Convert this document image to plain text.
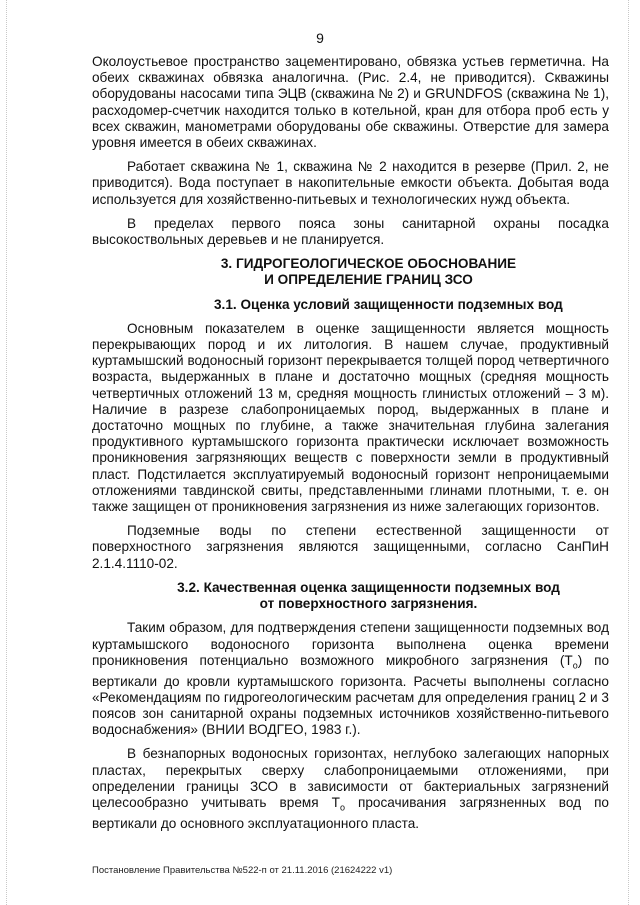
9

Околоустьевое пространство зацементировано, обвязка устьев герметична. На обеих скважинах обвязка аналогична. (Рис. 2.4, не приводится). Скважины оборудованы насосами типа ЭЦВ (скважина № 2) и GRUNDFOS (скважина № 1), расходомер-счетчик находится только в котельной, кран для отбора проб есть у всех скважин, манометрами оборудованы обе скважины. Отверстие для замера уровня имеется в обеих скважинах.

Работает скважина № 1, скважина № 2 находится в резерве (Прил. 2, не приводится). Вода поступает в накопительные емкости объекта. Добытая вода используется для хозяйственно-питьевых и технологических нужд объекта.

В пределах первого пояса зоны санитарной охраны посадка высокоствольных деревьев и не планируется.

3. ГИДРОГЕОЛОГИЧЕСКОЕ ОБОСНОВАНИЕ
И ОПРЕДЕЛЕНИЕ ГРАНИЦ ЗСО
3.1. Оценка условий защищенности подземных вод

Основным показателем в оценке защищенности является мощность перекрывающих пород и их литология. В нашем случае, продуктивный куртамышский водоносный горизонт перекрывается толщей пород четвертичного возраста, выдержанных в плане и достаточно мощных (средняя мощность четвертичных отложений 13 м, средняя мощность глинистых отложений – 3 м). Наличие в разрезе слабопроницаемых пород, выдержанных в плане и достаточно мощных по глубине, а также значительная глубина залегания продуктивного куртамышского горизонта практически исключает возможность проникновения загрязняющих веществ с поверхности земли в продуктивный пласт. Подстилается эксплуатируемый водоносный горизонт непроницаемыми отложениями тавдинской свиты, представленными глинами плотными, т. е. он также защищен от проникновения загрязнения из ниже залегающих горизонтов.

Подземные воды по степени естественной защищенности от поверхностного загрязнения являются защищенными, согласно СанПиН 2.1.4.1110-02.

3.2. Качественная оценка защищенности подземных вод
от поверхностного загрязнения.

Таким образом, для подтверждения степени защищенности подземных вод куртамышского водоносного горизонта выполнена оценка времени проникновения потенциально возможного микробного загрязнения $(Т_о)$ по вертикали до кровли куртамышского горизонта. Расчеты выполнены согласно «Рекомендациям по гидрогеологическим расчетам для определения границ 2 и 3 поясов зон санитарной охраны подземных источников хозяйственно-питьевого водоснабжения» (ВНИИ ВОДГЕО, 1983 г.).

В безнапорных водоносных горизонтах, неглубоко залегающих напорных пластах, перекрытых сверху слабопроницаемыми отложениями, при определении границы ЗСО в зависимости от бактериальных загрязнений целесообразно учитывать время $Т_о$ просачивания загрязненных вод по вертикали до основного эксплуатационного пласта.

Постановление Правительства №522-п от 21.11.2016 (21624222 v1)
